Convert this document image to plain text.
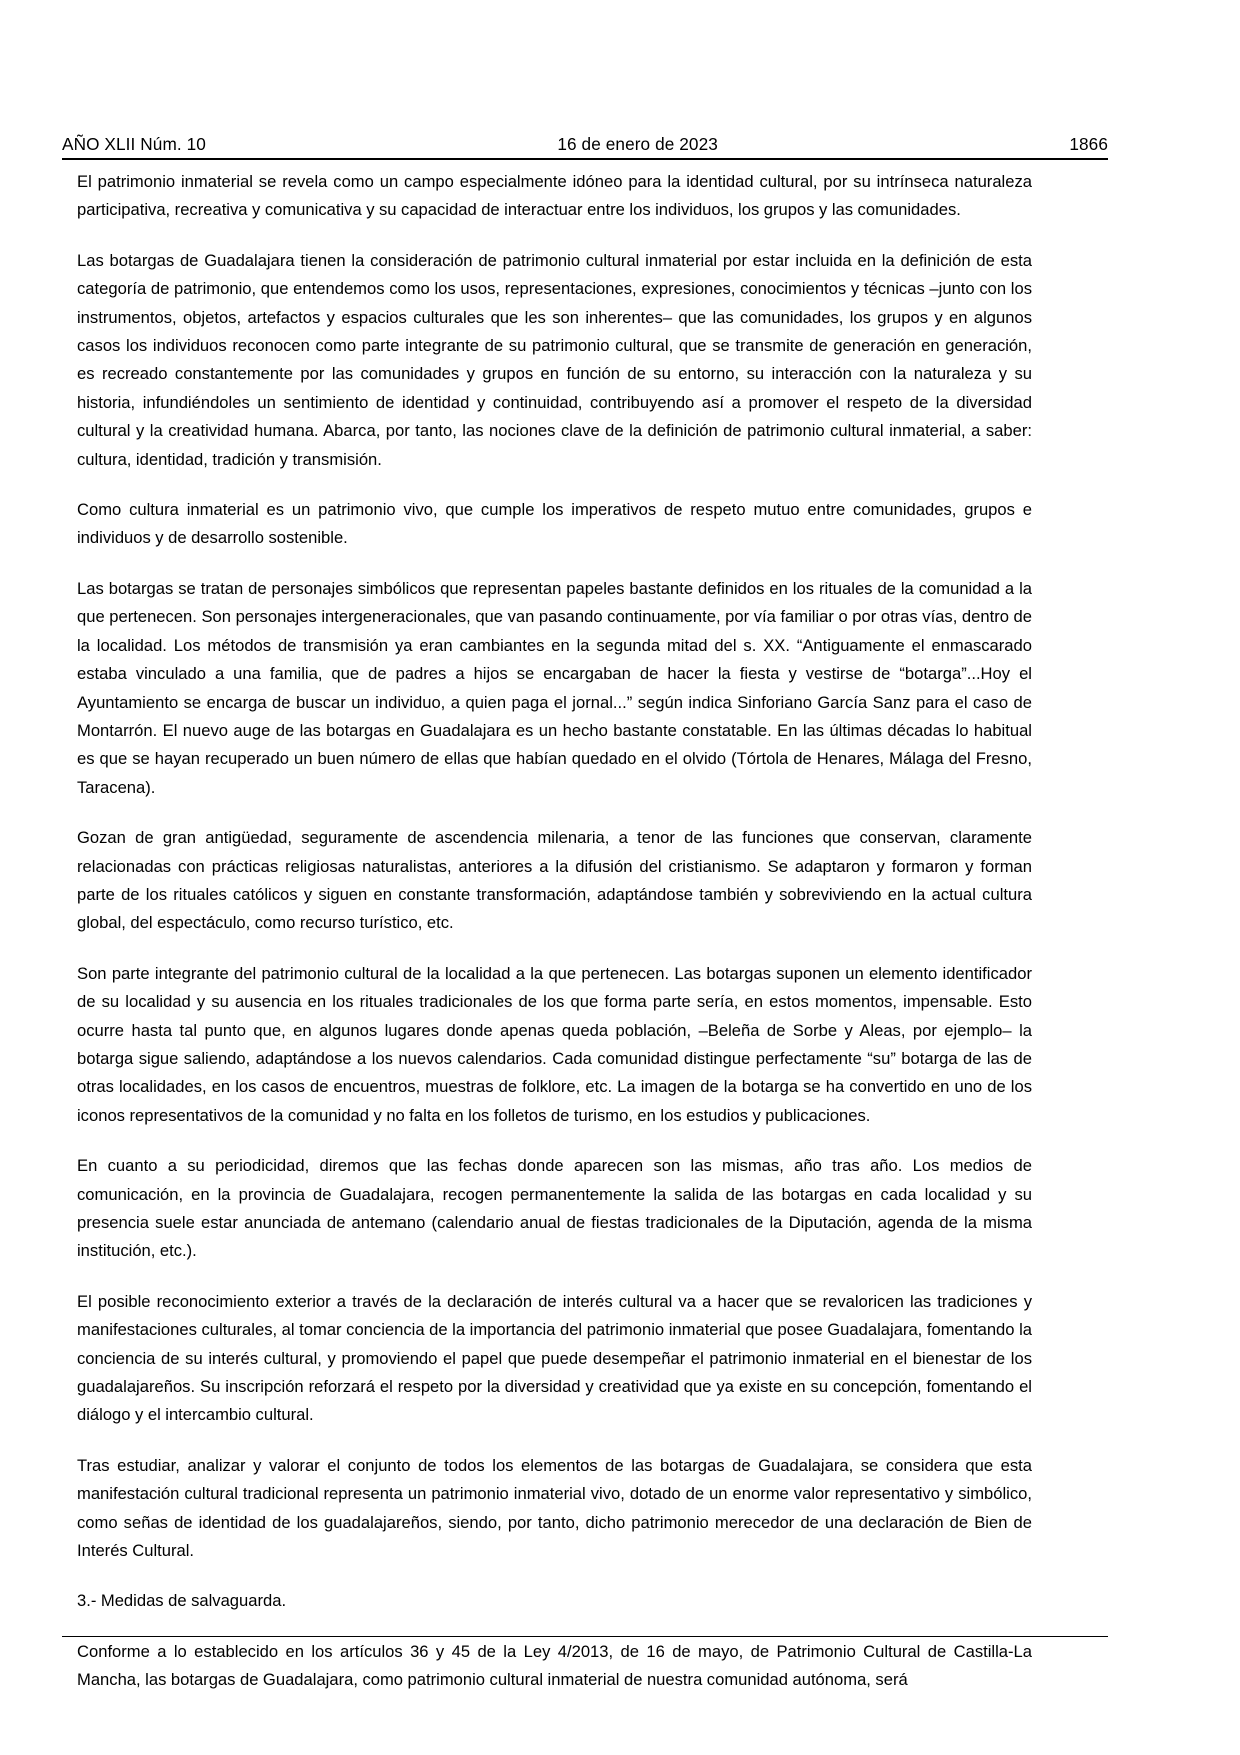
AÑO XLII Núm. 10	16 de enero de 2023	1866

El patrimonio inmaterial se revela como un campo especialmente idóneo para la identidad cultural, por su intrínseca naturaleza participativa, recreativa y comunicativa y su capacidad de interactuar entre los individuos, los grupos y las comunidades.

Las botargas de Guadalajara tienen la consideración de patrimonio cultural inmaterial por estar incluida en la definición de esta categoría de patrimonio, que entendemos como los usos, representaciones, expresiones, conocimientos y técnicas –junto con los instrumentos, objetos, artefactos y espacios culturales que les son inherentes– que las comunidades, los grupos y en algunos casos los individuos reconocen como parte integrante de su patrimonio cultural, que se transmite de generación en generación, es recreado constantemente por las comunidades y grupos en función de su entorno, su interacción con la naturaleza y su historia, infundiéndoles un sentimiento de identidad y continuidad, contribuyendo así a promover el respeto de la diversidad cultural y la creatividad humana. Abarca, por tanto, las nociones clave de la definición de patrimonio cultural inmaterial, a saber: cultura, identidad, tradición y transmisión.

Como cultura inmaterial es un patrimonio vivo, que cumple los imperativos de respeto mutuo entre comunidades, grupos e individuos y de desarrollo sostenible.

Las botargas se tratan de personajes simbólicos que representan papeles bastante definidos en los rituales de la comunidad a la que pertenecen. Son personajes intergeneracionales, que van pasando continuamente, por vía familiar o por otras vías, dentro de la localidad. Los métodos de transmisión ya eran cambiantes en la segunda mitad del s. XX. “Antiguamente el enmascarado estaba vinculado a una familia, que de padres a hijos se encargaban de hacer la fiesta y vestirse de “botarga”...Hoy el Ayuntamiento se encarga de buscar un individuo, a quien paga el jornal...” según indica Sinforiano García Sanz para el caso de Montarrón. El nuevo auge de las botargas en Guadalajara es un hecho bastante constatable. En las últimas décadas lo habitual es que se hayan recuperado un buen número de ellas que habían quedado en el olvido (Tórtola de Henares, Málaga del Fresno, Taracena).

Gozan de gran antigüedad, seguramente de ascendencia milenaria, a tenor de las funciones que conservan, claramente relacionadas con prácticas religiosas naturalistas, anteriores a la difusión del cristianismo. Se adaptaron y formaron y forman parte de los rituales católicos y siguen en constante transformación, adaptándose también y sobreviviendo en la actual cultura global, del espectáculo, como recurso turístico, etc.

Son parte integrante del patrimonio cultural de la localidad a la que pertenecen. Las botargas suponen un elemento identificador de su localidad y su ausencia en los rituales tradicionales de los que forma parte sería, en estos momentos, impensable. Esto ocurre hasta tal punto que, en algunos lugares donde apenas queda población, –Beleña de Sorbe y Aleas, por ejemplo– la botarga sigue saliendo, adaptándose a los nuevos calendarios. Cada comunidad distingue perfectamente “su” botarga de las de otras localidades, en los casos de encuentros, muestras de folklore, etc. La imagen de la botarga se ha convertido en uno de los iconos representativos de la comunidad y no falta en los folletos de turismo, en los estudios y publicaciones.

En cuanto a su periodicidad, diremos que las fechas donde aparecen son las mismas, año tras año. Los medios de comunicación, en la provincia de Guadalajara, recogen permanentemente la salida de las botargas en cada localidad y su presencia suele estar anunciada de antemano (calendario anual de fiestas tradicionales de la Diputación, agenda de la misma institución, etc.).

El posible reconocimiento exterior a través de la declaración de interés cultural va a hacer que se revaloricen las tradiciones y manifestaciones culturales, al tomar conciencia de la importancia del patrimonio inmaterial que posee Guadalajara, fomentando la conciencia de su interés cultural, y promoviendo el papel que puede desempeñar el patrimonio inmaterial en el bienestar de los guadalajareños. Su inscripción reforzará el respeto por la diversidad y creatividad que ya existe en su concepción, fomentando el diálogo y el intercambio cultural.

Tras estudiar, analizar y valorar el conjunto de todos los elementos de las botargas de Guadalajara, se considera que esta manifestación cultural tradicional representa un patrimonio inmaterial vivo, dotado de un enorme valor representativo y simbólico, como señas de identidad de los guadalajareños, siendo, por tanto, dicho patrimonio merecedor de una declaración de Bien de Interés Cultural.

3.- Medidas de salvaguarda.

Conforme a lo establecido en los artículos 36 y 45 de la Ley 4/2013, de 16 de mayo, de Patrimonio Cultural de Castilla-La Mancha, las botargas de Guadalajara, como patrimonio cultural inmaterial de nuestra comunidad autónoma, será
